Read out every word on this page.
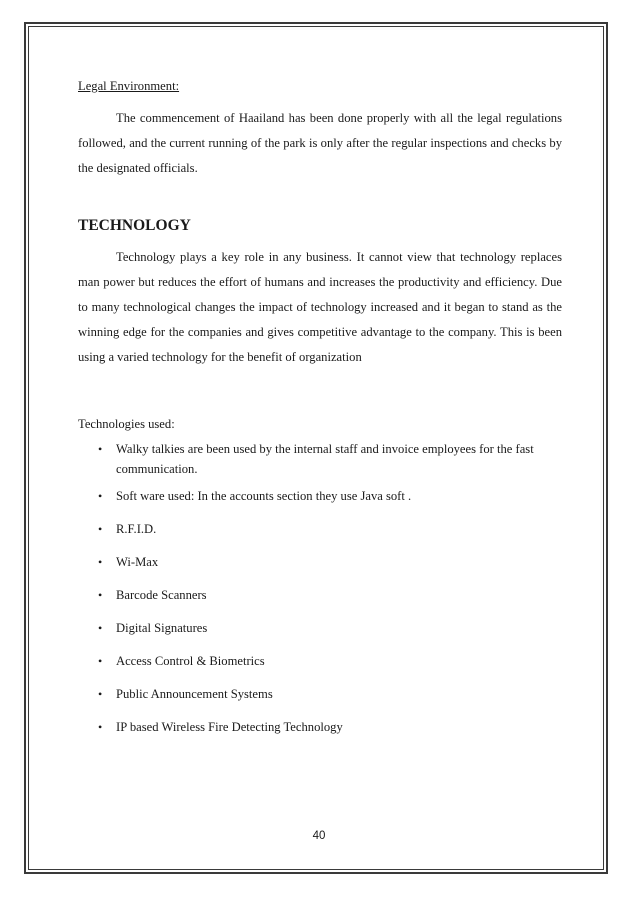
Legal Environment:

The commencement of Haailand has been done properly with all the legal regulations followed, and the current running of the park is only after the regular inspections and checks by the designated officials.

TECHNOLOGY

Technology plays a key role in any business. It cannot view that technology replaces man power but reduces the effort of humans and increases the productivity and efficiency. Due to many technological changes the impact of technology increased and it began to stand as the winning edge for the companies and gives competitive advantage to the company. This is been using a varied technology for the benefit of organization

Technologies used:
• Walky talkies are been used by the internal staff and invoice employees for the fast communication.
• Soft ware used: In the accounts section they use Java soft .
• R.F.I.D.
• Wi-Max
• Barcode Scanners
• Digital Signatures
• Access Control & Biometrics
• Public Announcement Systems
• IP based Wireless Fire Detecting Technology
40
